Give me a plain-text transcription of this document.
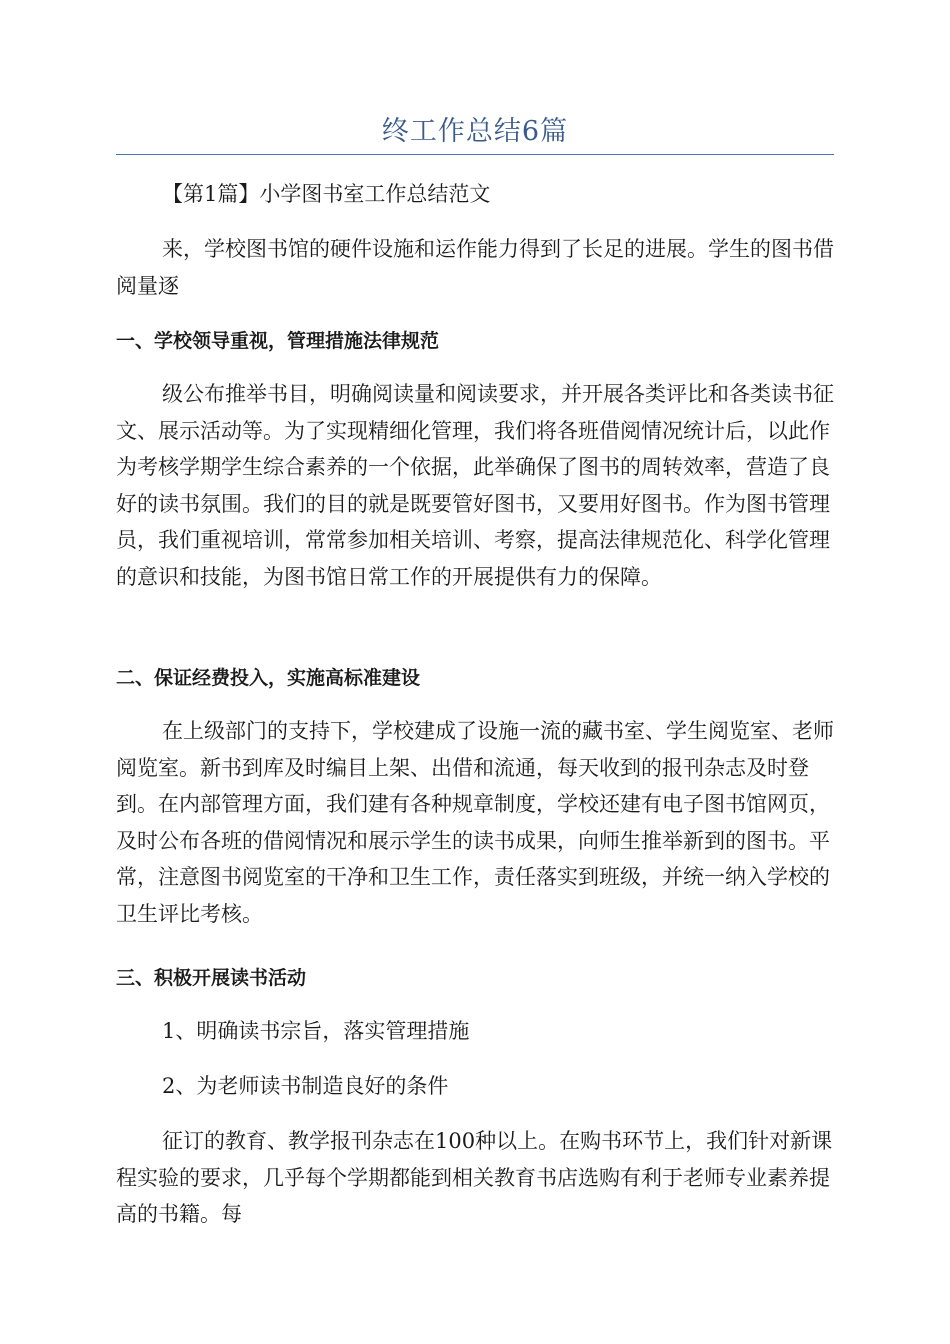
终工作总结6篇

【第1篇】小学图书室工作总结范文

来，学校图书馆的硬件设施和运作能力得到了长足的进展。学生的图书借阅量逐

一、学校领导重视，管理措施法律规范

级公布推举书目，明确阅读量和阅读要求，并开展各类评比和各类读书征文、展示活动等。为了实现精细化管理，我们将各班借阅情况统计后，以此作为考核学期学生综合素养的一个依据，此举确保了图书的周转效率，营造了良好的读书氛围。我们的目的就是既要管好图书，又要用好图书。作为图书管理员，我们重视培训，常常参加相关培训、考察，提高法律规范化、科学化管理的意识和技能，为图书馆日常工作的开展提供有力的保障。

二、保证经费投入，实施高标准建设

在上级部门的支持下，学校建成了设施一流的藏书室、学生阅览室、老师阅览室。新书到库及时编目上架、出借和流通，每天收到的报刊杂志及时登到。在内部管理方面，我们建有各种规章制度，学校还建有电子图书馆网页，及时公布各班的借阅情况和展示学生的读书成果，向师生推举新到的图书。平常，注意图书阅览室的干净和卫生工作，责任落实到班级，并统一纳入学校的卫生评比考核。

三、积极开展读书活动

1、明确读书宗旨，落实管理措施

2、为老师读书制造良好的条件

征订的教育、教学报刊杂志在100种以上。在购书环节上，我们针对新课程实验的要求，几乎每个学期都能到相关教育书店选购有利于老师专业素养提高的书籍。每
